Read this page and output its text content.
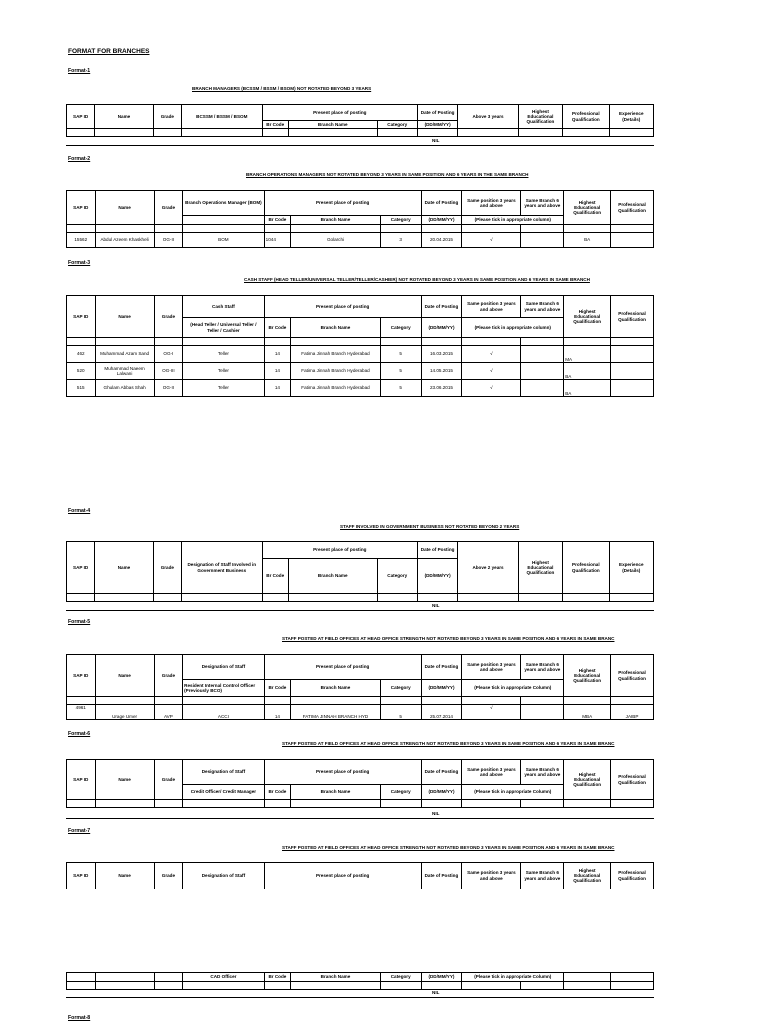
FORMAT FOR BRANCHES
Format-1
BRANCH MANAGERS (BCSSM / BSSM / BSOM) NOT ROTATED BEYOND 3 YEARS
SAP ID	Name	Grade	BCSSM / BSSM / BSOM	Present place of posting			Date of Posting	Above 3 years	Highest Educational Qualification	Professional Qualification	Experience (Details)
				Br Code	Branch Name	Category	(DD/MM/YY)				

NIL
Format-2
BRANCH OPERATIONS MANAGERS NOT ROTATED BEYOND 3 YEARS IN SAME POSITION AND 6 YEARS IN THE SAME BRANCH
SAP ID	Name	Grade	Branch Operations Manager (BOM)	Present place of posting			Date of Posting	Same position 3 years and above	Same Branch 6 years and above	Highest Educational Qualification	Professional Qualification
				Br Code	Branch Name	Category	(DD/MM/YY)	(Please tick in appropriate column)			

15562	Abdul Azeem Khaskheli	OG-II	BOM	1044	Golarchi	3	20.04.2015	√		BA	
Format-3
CASH STAFF (HEAD TELLER/UNIVERSAL TELLER/TELLER/CASHIER) NOT ROTATED BEYOND 3 YEARS IN SAME POSITION AND 6 YEARS IN SAME BRANCH
SAP ID	Name	Grade	Cash Staff	Present place of posting			Date of Posting	Same position 3 years and above	Same Branch 6 years and above	Highest Educational Qualification	Professional Qualification
			(Head Teller / Universal Teller / Teller / Cashier	Br Code	Branch Name	Category	(DD/MM/YY)	(Please tick in appropriate column)			

462	Muhammad Azam Sand	OG-I	Teller	14	Fatima Jinnah Branch Hyderabad	5	16.03.2015	√		MA	
520	Muhammad Naeem Lalwani	OG-III	Teller	14	Fatima Jinnah Branch Hyderabad	5	14.05.2015	√		BA	
515	Ghulam Abbas Shah	OG-II	Teller	14	Fatima Jinnah Branch Hyderabad	5	23.06.2015	√		BA	
Format-4
STAFF INVOLVED IN GOVERNMENT BUSINESS NOT ROTATED BEYOND 2 YEARS
SAP ID	Name	Grade	Designation of Staff Involved in Government Business	Present place of posting			Date of Posting	Above 2 years	Highest Educational Qualification	Professional Qualification	Experience (Details)
				Br Code	Branch Name	Category	(DD/MM/YY)				

NIL
Format-5
STAFF POSTED AT FIELD OFFICES AT HEAD OFFICE STRENGTH NOT ROTATED BEYOND 3 YEARS IN SAME POSITION AND 6 YEARS IN SAME BRANC
SAP ID	Name	Grade	Designation of Staff	Present place of posting			Date of Posting	Same position 3 years and above	Same Branch 6 years and above	Highest Educational Qualification	Professional Qualification
			Resident Internal Control Officer (Previously BCO)	Br Code	Branch Name	Category	(DD/MM/YY)	(Please tick in appropriate Column)			

4961	Urage Umer	AVP	ACCI	14	FATIMA JINNAH BRANCH HYD	5	25.07.2014	√		MBA	JAIBP
Format-6
STAFF POSTED AT FIELD OFFICES AT HEAD OFFICE STRENGTH NOT ROTATED BEYOND 3 YEARS IN SAME POSITION AND 6 YEARS IN SAME BRANC
SAP ID	Name	Grade	Designation of Staff	Present place of posting			Date of Posting	Same position 3 years and above	Same Branch 6 years and above	Highest Educational Qualification	Professional Qualification
			Credit Officer/ Credit Manager	Br Code	Branch Name	Category	(DD/MM/YY)	(Please tick in appropriate Column)			

NIL
Format-7
STAFF POSTED AT FIELD OFFICES AT HEAD OFFICE STRENGTH NOT ROTATED BEYOND 3 YEARS IN SAME POSITION AND 6 YEARS IN SAME BRANC
SAP ID	Name	Grade	Designation of Staff	Present place of posting	Date of Posting	Same position 3 years and above	Same Branch 6 years and above	Highest Educational Qualification	Professional Qualification
			CAD Officer	Br Code	Branch Name	Category	(DD/MM/YY)	(Please tick in appropriate Column)			

NIL
Format-8
